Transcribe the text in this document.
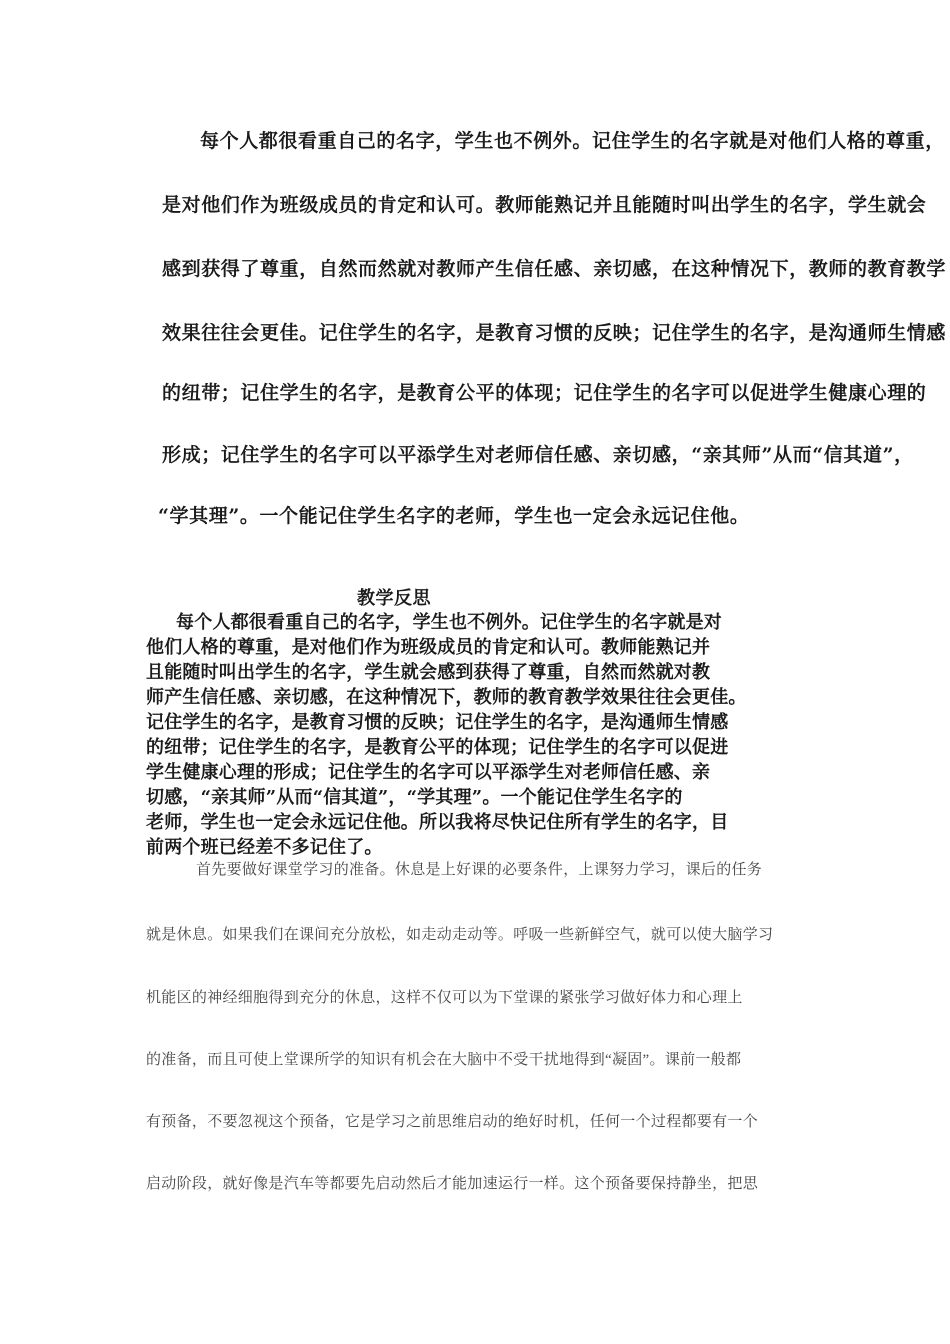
每个人都很看重自己的名字，学生也不例外。记住学生的名字就是对他们人格的尊重，
是对他们作为班级成员的肯定和认可。教师能熟记并且能随时叫出学生的名字，学生就会
感到获得了尊重，自然而然就对教师产生信任感、亲切感，在这种情况下，教师的教育教学
效果往往会更佳。记住学生的名字，是教育习惯的反映；记住学生的名字，是沟通师生情感
的纽带；记住学生的名字，是教育公平的体现；记住学生的名字可以促进学生健康心理的
形成；记住学生的名字可以平添学生对老师信任感、亲切感，“亲其师”从而“信其道”，
“学其理”。一个能记住学生名字的老师，学生也一定会永远记住他。
教学反思
每个人都很看重自己的名字，学生也不例外。记住学生的名字就是对
他们人格的尊重，是对他们作为班级成员的肯定和认可。教师能熟记并
且能随时叫出学生的名字，学生就会感到获得了尊重，自然而然就对教
师产生信任感、亲切感，在这种情况下，教师的教育教学效果往往会更佳。
记住学生的名字，是教育习惯的反映；记住学生的名字，是沟通师生情感
的纽带；记住学生的名字，是教育公平的体现；记住学生的名字可以促进
学生健康心理的形成；记住学生的名字可以平添学生对老师信任感、亲
切感，“亲其师”从而“信其道”，“学其理”。一个能记住学生名字的
老师，学生也一定会永远记住他。所以我将尽快记住所有学生的名字，目
前两个班已经差不多记住了。
首先要做好课堂学习的准备。休息是上好课的必要条件，上课努力学习，课后的任务
就是休息。如果我们在课间充分放松，如走动走动等。呼吸一些新鲜空气，就可以使大脑学习
机能区的神经细胞得到充分的休息，这样不仅可以为下堂课的紧张学习做好体力和心理上
的准备，而且可使上堂课所学的知识有机会在大脑中不受干扰地得到“凝固”。课前一般都
有预备，不要忽视这个预备，它是学习之前思维启动的绝好时机，任何一个过程都要有一个
启动阶段，就好像是汽车等都要先启动然后才能加速运行一样。这个预备要保持静坐，把思
